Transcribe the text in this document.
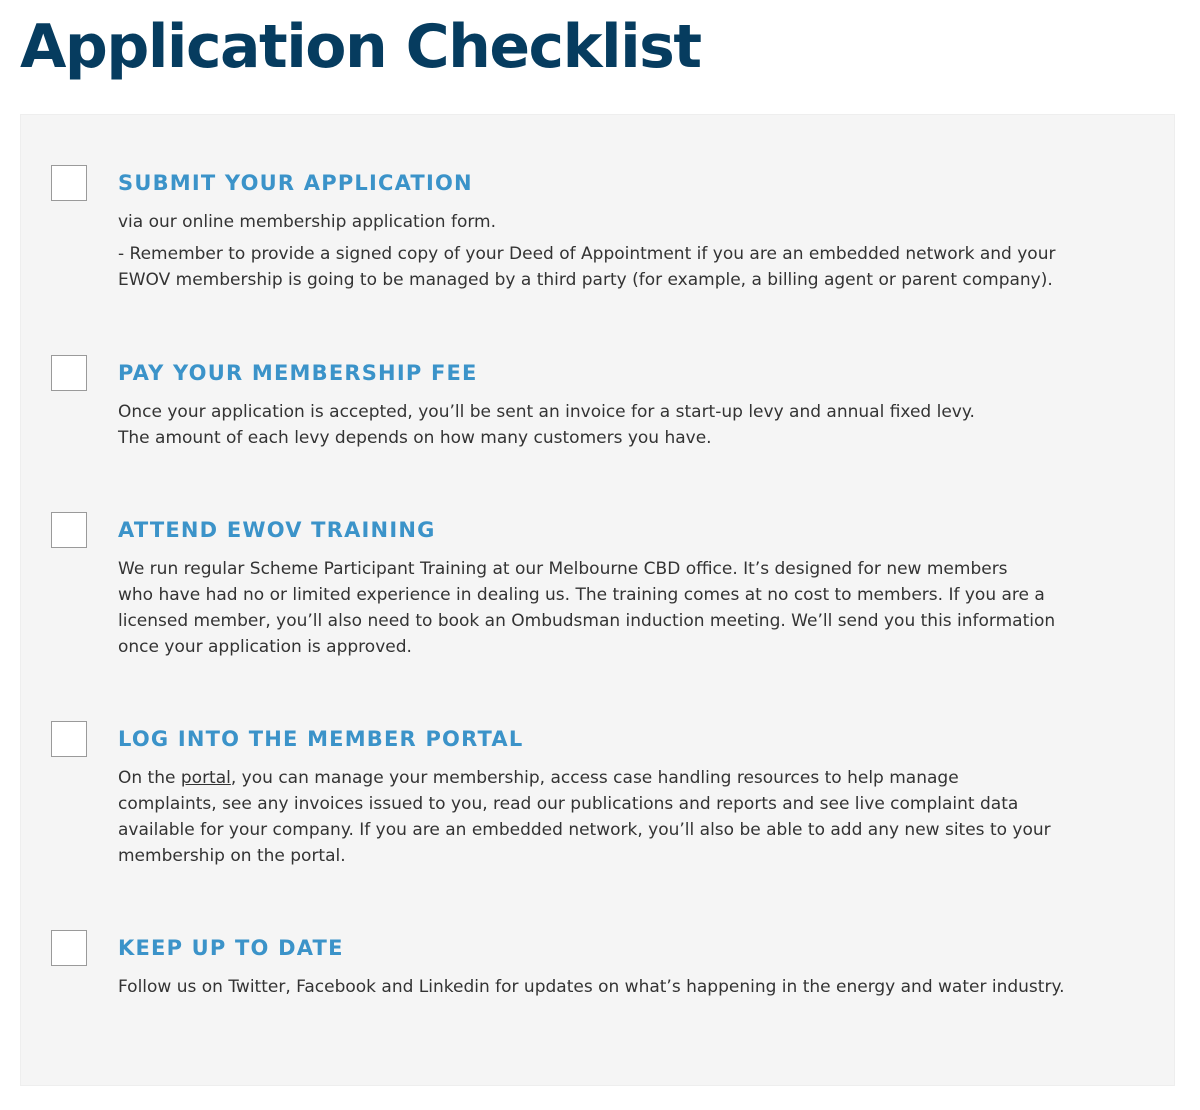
Application Checklist
SUBMIT YOUR APPLICATION

via our online membership application form.

- Remember to provide a signed copy of your Deed of Appointment if you are an embedded network and your

EWOV membership is going to be managed by a third party (for example, a billing agent or parent company).

PAY YOUR MEMBERSHIP FEE

Once your application is accepted, you’ll be sent an invoice for a start-up levy and annual fixed levy.

The amount of each levy depends on how many customers you have.

ATTEND EWOV TRAINING

We run regular Scheme Participant Training at our Melbourne CBD office. It’s designed for new members

who have had no or limited experience in dealing us. The training comes at no cost to members. If you are a

licensed member, you’ll also need to book an Ombudsman induction meeting. We’ll send you this information

once your application is approved.

LOG INTO THE MEMBER PORTAL

On the portal, you can manage your membership, access case handling resources to help manage

complaints, see any invoices issued to you, read our publications and reports and see live complaint data

available for your company. If you are an embedded network, you’ll also be able to add any new sites to your

membership on the portal.

KEEP UP TO DATE

Follow us on Twitter, Facebook and Linkedin for updates on what’s happening in the energy and water industry.
